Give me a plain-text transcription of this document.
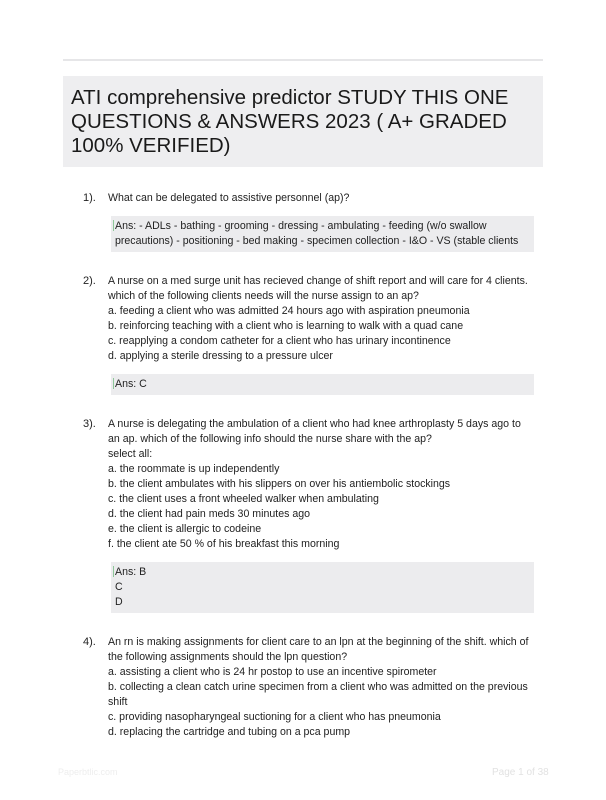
ATI comprehensive predictor STUDY THIS ONE QUESTIONS & ANSWERS 2023 ( A+ GRADED 100% VERIFIED)
1). What can be delegated to assistive personnel (ap)?
Ans: - ADLs - bathing - grooming - dressing - ambulating - feeding (w/o swallow
precautions) - positioning - bed making - specimen collection - I&O - VS (stable clients
2). A nurse on a med surge unit has recieved change of shift report and will care for 4 clients.
which of the following clients needs will the nurse assign to an ap?
a. feeding a client who was admitted 24 hours ago with aspiration pneumonia
b. reinforcing teaching with a client who is learning to walk with a quad cane
c. reapplying a condom catheter for a client who has urinary incontinence
d. applying a sterile dressing to a pressure ulcer
Ans: C
3). A nurse is delegating the ambulation of a client who had knee arthroplasty 5 days ago to
an ap. which of the following info should the nurse share with the ap?
select all:
a. the roommate is up independently
b. the client ambulates with his slippers on over his antiembolic stockings
c. the client uses a front wheeled walker when ambulating
d. the client had pain meds 30 minutes ago
e. the client is allergic to codeine
f. the client ate 50 % of his breakfast this morning
Ans: B
C
D
4). An rn is making assignments for client care to an lpn at the beginning of the shift. which of
the following assignments should the lpn question?
a. assisting a client who is 24 hr postop to use an incentive spirometer
b. collecting a clean catch urine specimen from a client who was admitted on the previous
shift
c. providing nasopharyngeal suctioning for a client who has pneumonia
d. replacing the cartridge and tubing on a pca pump
Paperbtlic.com	Page 1 of 38
